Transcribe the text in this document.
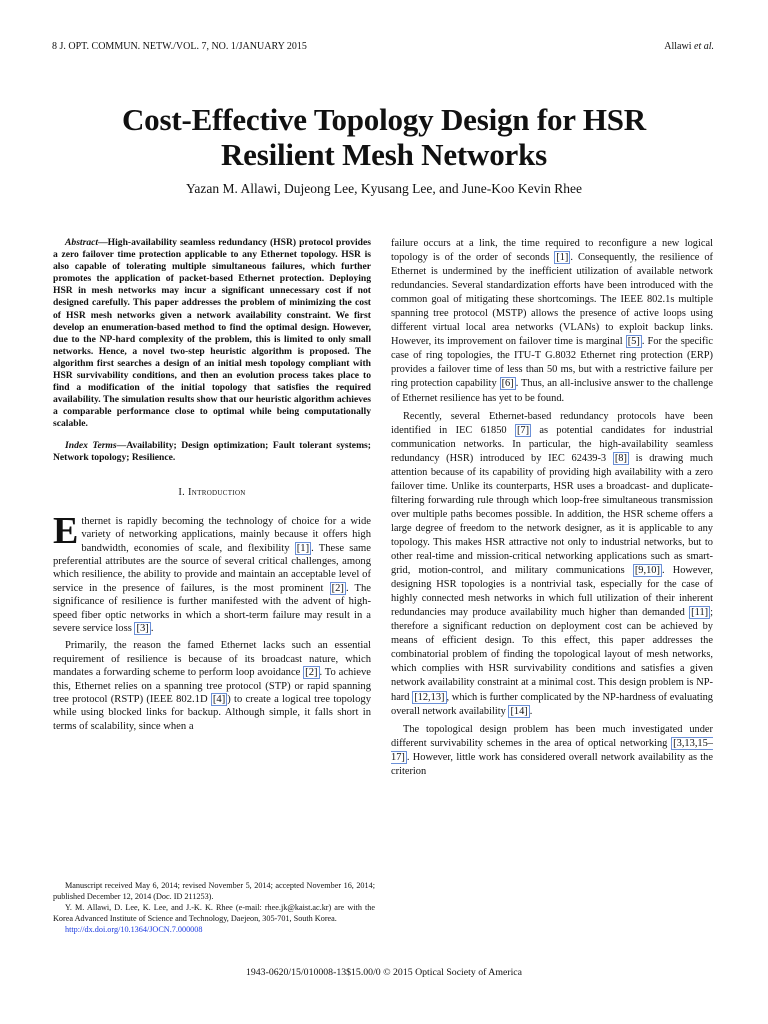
8 J. OPT. COMMUN. NETW./VOL. 7, NO. 1/JANUARY 2015	Allawi et al.
Cost-Effective Topology Design for HSR
Resilient Mesh Networks
Yazan M. Allawi, Dujeong Lee, Kyusang Lee, and June-Koo Kevin Rhee

Abstract—High-availability seamless redundancy (HSR) protocol provides a zero failover time protection applicable to any Ethernet topology. HSR is also capable of tolerating multiple simultaneous failures, which further promotes the application of packet-based Ethernet protection. Deploying HSR in mesh networks may incur a significant unnecessary cost if not designed carefully. This paper addresses the problem of minimizing the cost of HSR mesh networks given a network availability constraint. We first develop an enumeration-based method to find the optimal design. However, due to the NP-hard complexity of the problem, this is limited to only small networks. Hence, a novel two-step heuristic algorithm is proposed. The algorithm first searches a design of an initial mesh topology compliant with HSR survivability conditions, and then an evolution process takes place to find a modification of the initial topology that satisfies the required availability. The simulation results show that our heuristic algorithm achieves a comparable performance close to optimal while being computationally scalable.

Index Terms—Availability; Design optimization; Fault tolerant systems; Network topology; Resilience.

I. Introduction

Ethernet is rapidly becoming the technology of choice for a wide variety of networking applications, mainly because it offers high bandwidth, economies of scale, and flexibility [1] . These same preferential attributes are the source of several critical challenges, among which resilience, the ability to provide and maintain an acceptable level of service in the presence of failures, is the most prominent [2] . The significance of resilience is further manifested with the advent of high-speed fiber optic networks in which a short-term failure may result in a severe service loss [3] .

Primarily, the reason the famed Ethernet lacks such an essential requirement of resilience is because of its broadcast nature, which mandates a forwarding scheme to perform loop avoidance [2] . To achieve this, Ethernet relies on a spanning tree protocol (STP) or rapid spanning tree protocol (RSTP) (IEEE 802.1D [4] ) to create a logical tree topology while using blocked links for backup. Although simple, it falls short in terms of scalability, since when a

failure occurs at a link, the time required to reconfigure a new logical topology is of the order of seconds [1] . Consequently, the resilience of Ethernet is undermined by the inefficient utilization of available network redundancies. Several standardization efforts have been introduced with the common goal of mitigating these shortcomings. The IEEE 802.1s multiple spanning tree protocol (MSTP) allows the presence of active loops using different virtual local area networks (VLANs) to exploit backup links. However, its improvement on failover time is marginal [5] . For the specific case of ring topologies, the ITU-T G.8032 Ethernet ring protection (ERP) provides a failover time of less than 50 ms, but with a restrictive failure per ring protection capability [6] . Thus, an all-inclusive answer to the challenge of Ethernet resilience has yet to be found.

Recently, several Ethernet-based redundancy protocols have been identified in IEC 61850 [7] as potential candidates for industrial communication networks. In particular, the high-availability seamless redundancy (HSR) introduced by IEC 62439-3 [8] is drawing much attention because of its capability of providing high availability with a zero failover time. Unlike its counterparts, HSR uses a broadcast- and duplicate-filtering forwarding rule through which loop-free simultaneous transmission over multiple paths becomes possible. In addition, the HSR scheme offers a large degree of freedom to the network designer, as it is applicable to any topology. This makes HSR attractive not only to industrial networks, but to other real-time and mission-critical networking applications such as smart-grid, motion-control, and military communications [9,10] . However, designing HSR topologies is a nontrivial task, especially for the case of highly connected mesh networks in which full utilization of their inherent redundancies may produce availability much higher than demanded [11] ; therefore a significant reduction on deployment cost can be achieved by means of efficient design. To this effect, this paper addresses the combinatorial problem of finding the topological layout of mesh networks, which complies with HSR survivability conditions and satisfies a given network availability constraint at a minimal cost. This design problem is NP-hard [12,13] , which is further complicated by the NP-hardness of evaluating overall network availability [14] .

The topological design problem has been much investigated under different survivability schemes in the area of optical networking [3,13,15–17] . However, little work has considered overall network availability as the criterion

Manuscript received May 6, 2014; revised November 5, 2014; accepted November 16, 2014; published December 12, 2014 (Doc. ID 211253).

Y. M. Allawi, D. Lee, K. Lee, and J.-K. K. Rhee (e-mail: rhee.jk@kaist.ac.kr) are with the Korea Advanced Institute of Science and Technology, Daejeon, 305-701, South Korea.

http://dx.doi.org/10.1364/JOCN.7.000008

1943-0620/15/010008-13$15.00/0 © 2015 Optical Society of America
